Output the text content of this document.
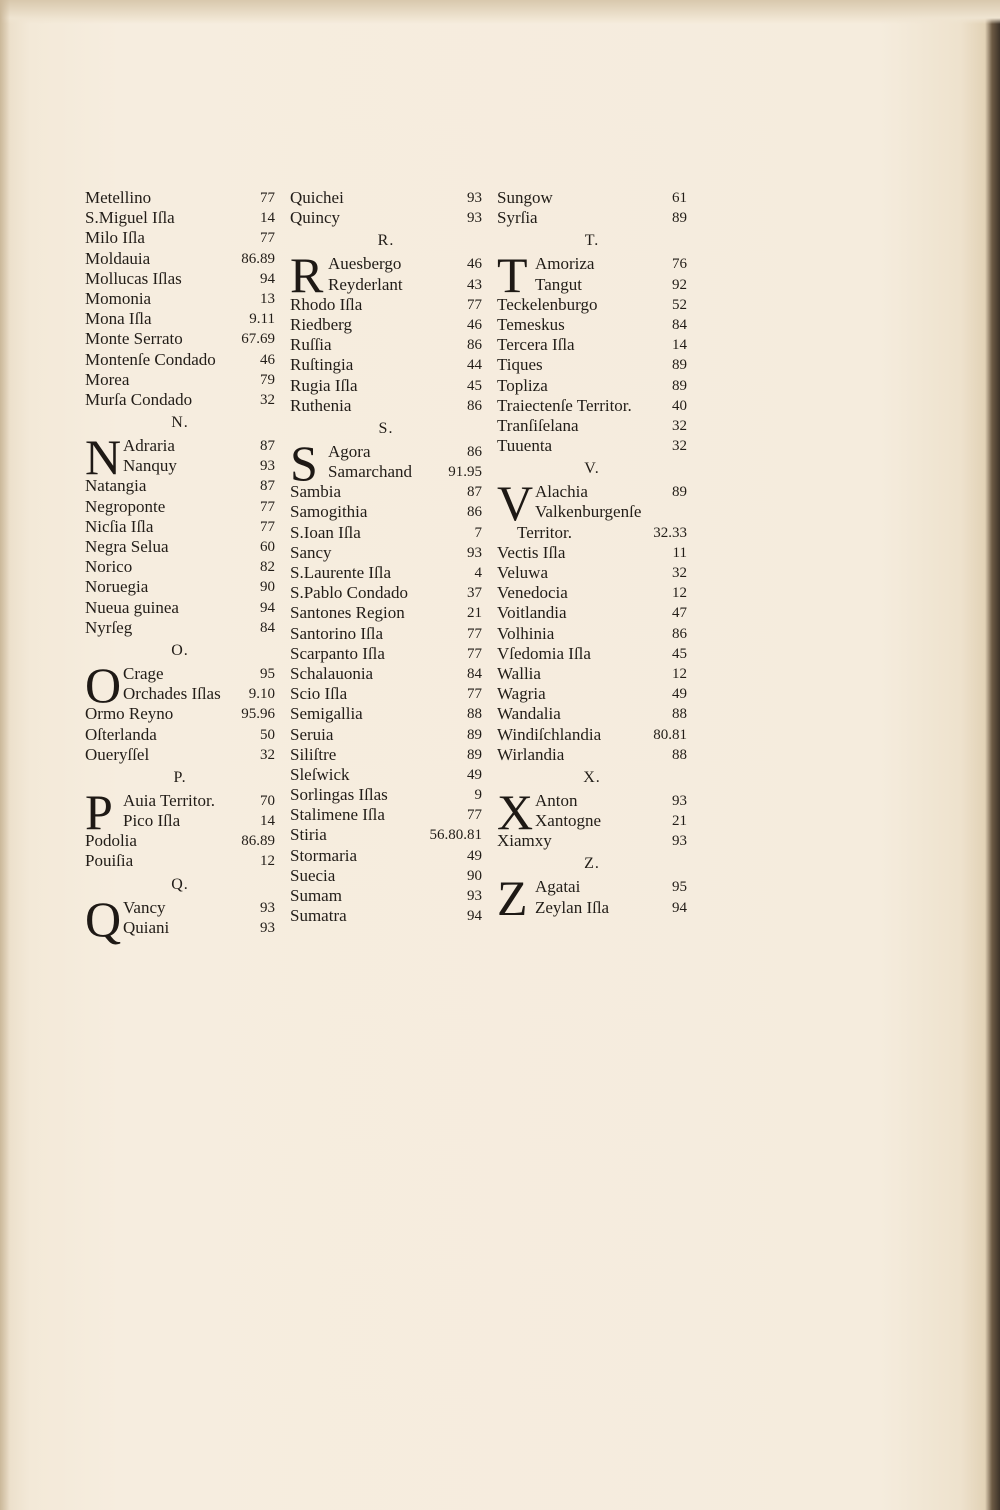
Metellino	77
S.Miguel Iſla	14
Milo Iſla	77
Moldauia	86.89
Mollucas Iſlas	94
Momonia	13
Mona Iſla	9.11
Monte Serrato	67.69
Montenſe Condado	46
Morea	79
Murſa Condado	32
N.
N Adraria	87
Nanquy	93
Natangia	87
Negroponte	77
Nicſia Iſla	77
Negra Selua	60
Norico	82
Noruegia	90
Nueua guinea	94
Nyrſeg	84
O.
O Crage	95
Orchades Iſlas 9.10
Ormo Reyno	95.96
Oſterlanda	50
Oueryſſel	32
P.
P Auia Territor.	70
Pico Iſla	14
Podolia	86.89
Pouiſia	12
Q.
Q Vancy	93
Quiani	93
Quichei	93
Quincy	93
R.
R Auesbergo	46
Reyderlant	43
Rhodo Iſla	77
Riedberg	46
Ruſſia	86
Ruſtingia	44
Rugia Iſla	45
Ruthenia	86
S.
S Agora	86
Samarchand 91.95
Sambia	87
Samogithia	86
S.Ioan Iſla	7
Sancy	93
S.Laurente Iſla	4
S.Pablo Condado	37
Santones Region	21
Santorino Iſla	77
Scarpanto Iſla	77
Schalauonia	84
Scio Iſla	77
Semigallia	88
Seruia	89
Siliſtre	89
Sleſwick	49
Sorlingas Iſlas	9
Stalimene Iſla	77
Stiria	56.80.81
Stormaria	49
Suecia	90
Sumam	93
Sumatra	94
Sungow	61
Syrſia	89
T.
T Amoriza	76
Tangut	92
Teckelenburgo	52
Temeskus	84
Tercera Iſla	14
Tiques	89
Topliza	89
Traiectenſe Territor.	40
Tranſiſelana	32
Tuuenta	32
V.
V Alachia	89
Valkenburgenſe
Territor.	32.33
Vectis Iſla	11
Veluwa	32
Venedocia	12
Voitlandia	47
Volhinia	86
Vſedomia Iſla	45
Wallia	12
Wagria	49
Wandalia	88
Windiſchlandia	80.81
Wirlandia	88
X.
X Anton	93
Xantogne	21
Xiamxy	93
Z.
Z Agatai	95
Zeylan Iſla	94
